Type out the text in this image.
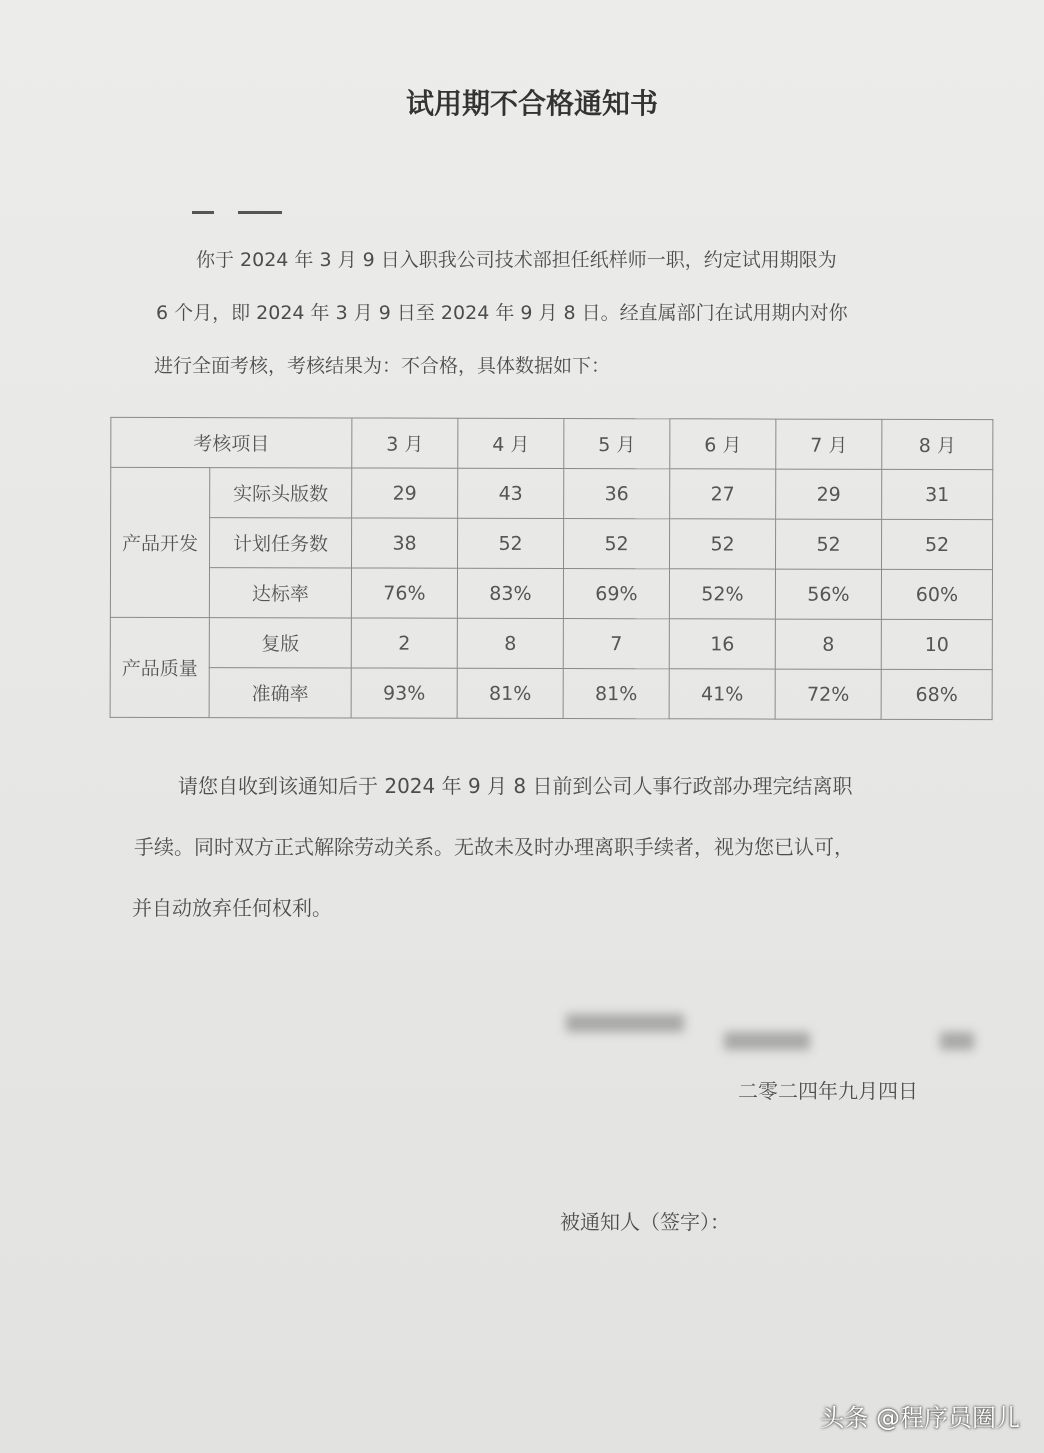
试用期不合格通知书
你于 2024 年 3 月 9 日入职我公司技术部担任纸样师一职，约定试用期限为
6 个月，即 2024 年 3 月 9 日至 2024 年 9 月 8 日。经直属部门在试用期内对你
进行全面考核，考核结果为：不合格，具体数据如下：
考核项目		3 月	4 月	5 月	6 月	7 月	8 月
产品开发	实际头版数	29	43	36	27	29	31
	计划任务数	38	52	52	52	52	52
	达标率	76%	83%	69%	52%	56%	60%
产品质量	复版	2	8	7	16	8	10
	准确率	93%	81%	81%	41%	72%	68%
请您自收到该通知后于 2024 年 9 月 8 日前到公司人事行政部办理完结离职
手续。同时双方正式解除劳动关系。无故未及时办理离职手续者，视为您已认可，
并自动放弃任何权利。
二零二四年九月四日
被通知人（签字）：
头条 @程序员圈儿
